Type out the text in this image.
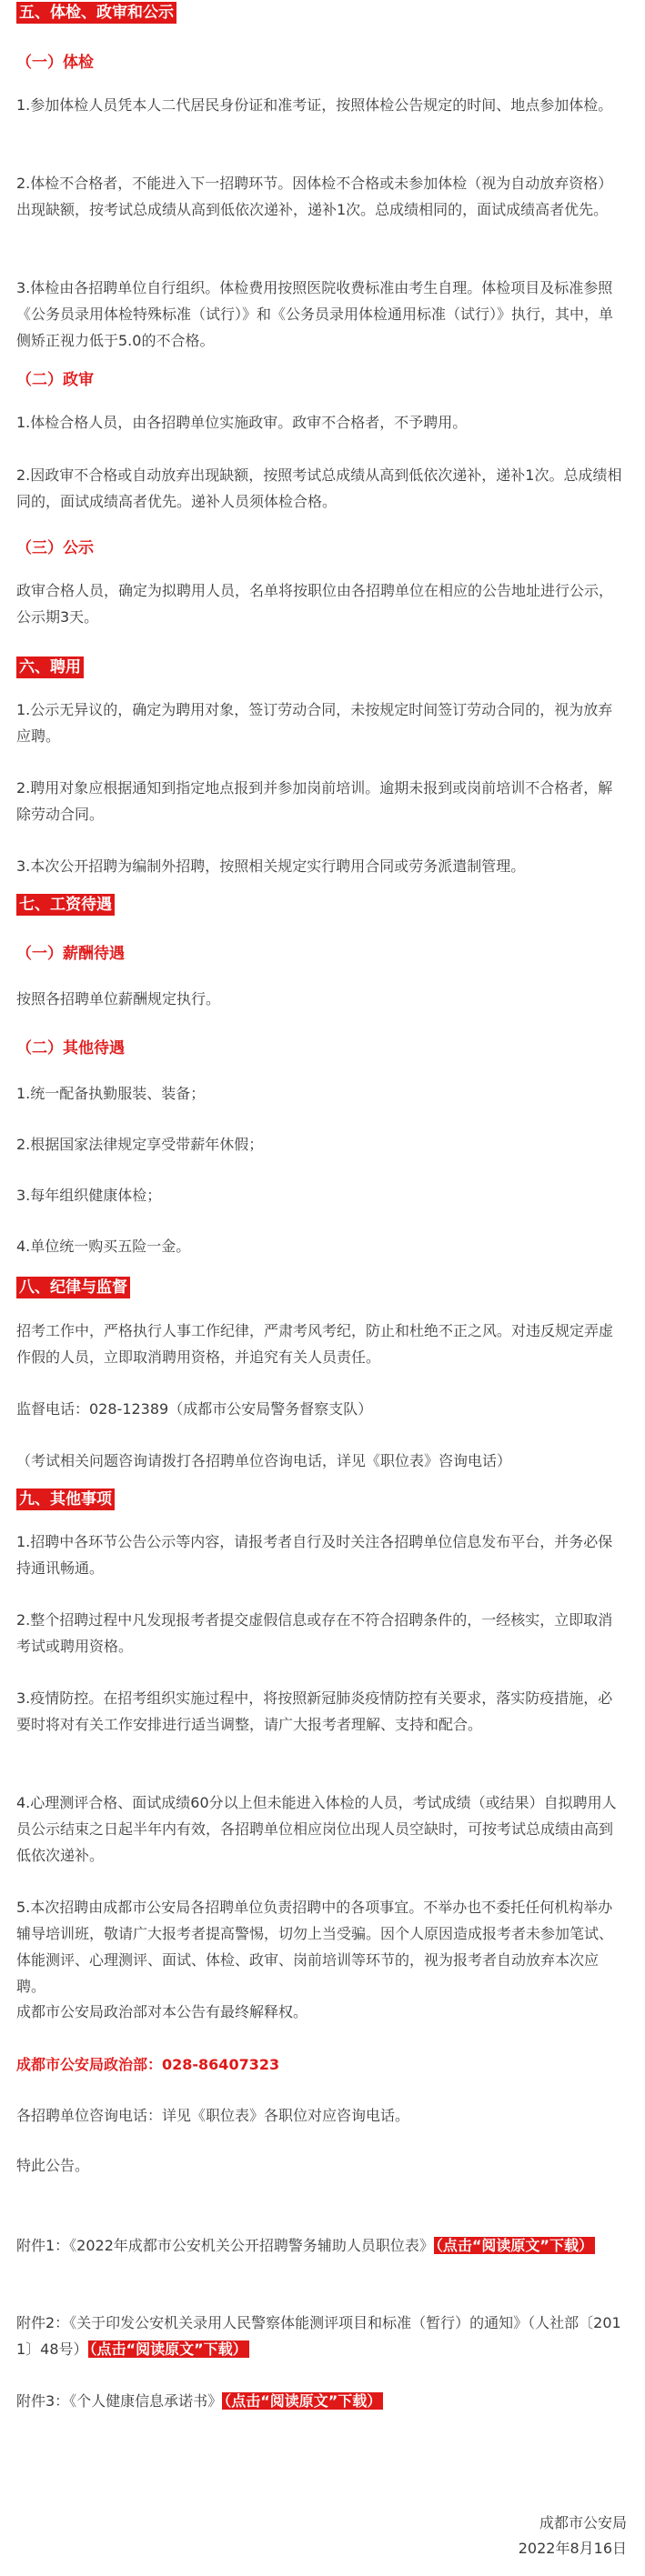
五、体检、政审和公示
（一）体检
1.参加体检人员凭本人二代居民身份证和准考证，按照体检公告规定的时间、地点参加体检。
2.体检不合格者，不能进入下一招聘环节。因体检不合格或未参加体检（视为自动放弃资格）出现缺额，按考试总成绩从高到低依次递补，递补1次。总成绩相同的，面试成绩高者优先。
3.体检由各招聘单位自行组织。体检费用按照医院收费标准由考生自理。体检项目及标准参照《公务员录用体检特殊标准（试行）》和《公务员录用体检通用标准（试行）》执行，其中，单侧矫正视力低于5.0的不合格。
（二）政审
1.体检合格人员，由各招聘单位实施政审。政审不合格者，不予聘用。
2.因政审不合格或自动放弃出现缺额，按照考试总成绩从高到低依次递补，递补1次。总成绩相同的，面试成绩高者优先。递补人员须体检合格。
（三）公示
政审合格人员，确定为拟聘用人员，名单将按职位由各招聘单位在相应的公告地址进行公示，公示期3天。
六、聘用
1.公示无异议的，确定为聘用对象，签订劳动合同，未按规定时间签订劳动合同的，视为放弃应聘。
2.聘用对象应根据通知到指定地点报到并参加岗前培训。逾期未报到或岗前培训不合格者，解除劳动合同。
3.本次公开招聘为编制外招聘，按照相关规定实行聘用合同或劳务派遣制管理。
七、工资待遇
（一）薪酬待遇
按照各招聘单位薪酬规定执行。
（二）其他待遇
1.统一配备执勤服装、装备；
2.根据国家法律规定享受带薪年休假；
3.每年组织健康体检；
4.单位统一购买五险一金。
八、纪律与监督
招考工作中，严格执行人事工作纪律，严肃考风考纪，防止和杜绝不正之风。对违反规定弄虚作假的人员，立即取消聘用资格，并追究有关人员责任。
监督电话：028-12389（成都市公安局警务督察支队）
（考试相关问题咨询请拨打各招聘单位咨询电话，详见《职位表》咨询电话）
九、其他事项
1.招聘中各环节公告公示等内容，请报考者自行及时关注各招聘单位信息发布平台，并务必保持通讯畅通。
2.整个招聘过程中凡发现报考者提交虚假信息或存在不符合招聘条件的，一经核实，立即取消考试或聘用资格。
3.疫情防控。在招考组织实施过程中，将按照新冠肺炎疫情防控有关要求，落实防疫措施，必要时将对有关工作安排进行适当调整，请广大报考者理解、支持和配合。
4.心理测评合格、面试成绩60分以上但未能进入体检的人员，考试成绩（或结果）自拟聘用人员公示结束之日起半年内有效，各招聘单位相应岗位出现人员空缺时，可按考试总成绩由高到低依次递补。
5.本次招聘由成都市公安局各招聘单位负责招聘中的各项事宜。不举办也不委托任何机构举办辅导培训班，敬请广大报考者提高警惕，切勿上当受骗。因个人原因造成报考者未参加笔试、体能测评、心理测评、面试、体检、政审、岗前培训等环节的，视为报考者自动放弃本次应聘。
成都市公安局政治部对本公告有最终解释权。
成都市公安局政治部：028-86407323
各招聘单位咨询电话：详见《职位表》各职位对应咨询电话。
特此公告。
附件1：《2022年成都市公安机关公开招聘警务辅助人员职位表》 （点击“阅读原文”下载）
附件2：《关于印发公安机关录用人民警察体能测评项目和标准（暂行）的通知》（人社部〔2011〕48号） （点击“阅读原文”下载）
附件3：《个人健康信息承诺书》 （点击“阅读原文”下载）
成都市公安局
2022年8月16日
